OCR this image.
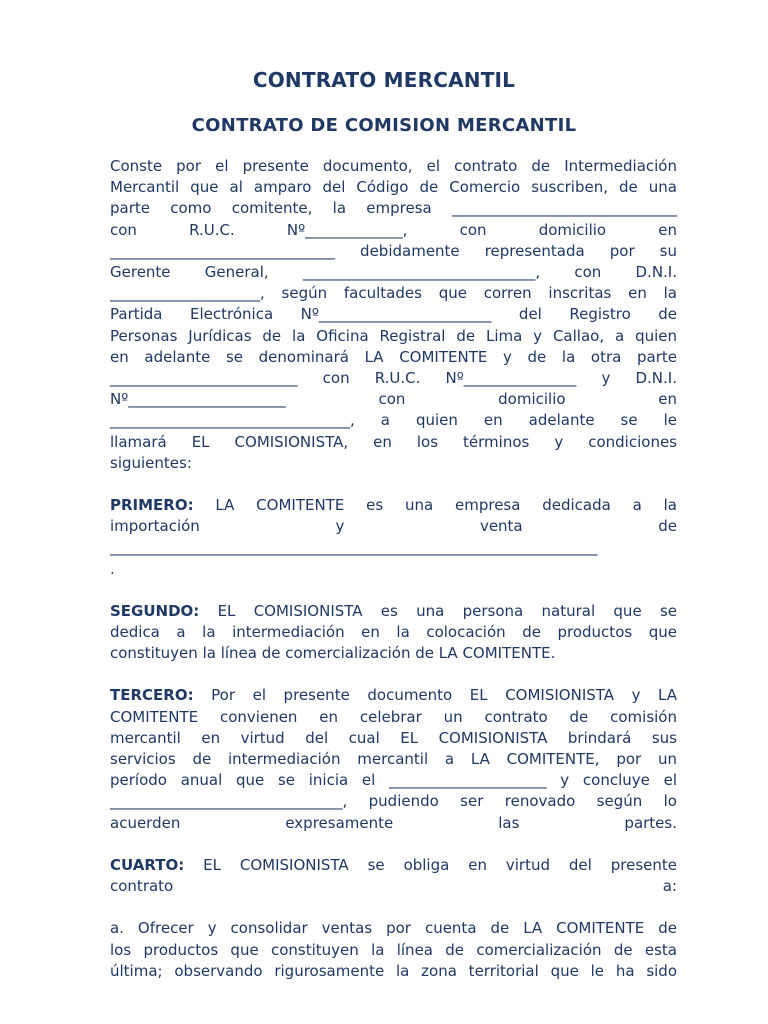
CONTRATO MERCANTIL
CONTRATO DE COMISION MERCANTIL
Conste por el presente documento, el contrato de Intermediación
Mercantil que al amparo del Código de Comercio suscriben, de una
parte como comitente, la empresa ______________________________
con R.U.C. Nº_____________, con domicilio en
______________________________ debidamente representada por su
Gerente General, _______________________________, con D.N.I.
____________________, según facultades que corren inscritas en la
Partida Electrónica Nº_______________________ del Registro de
Personas Jurídicas de la Oficina Registral de Lima y Callao, a quien
en adelante se denominará LA COMITENTE y de la otra parte
_________________________ con R.U.C. Nº_______________ y D.N.I.
Nº_____________________ con domicilio en
________________________________, a quien en adelante se le
llamará EL COMISIONISTA, en los términos y condiciones
siguientes:
PRIMERO: LA COMITENTE es una empresa dedicada a la
importación y venta de
_________________________________________________________________
.
SEGUNDO: EL COMISIONISTA es una persona natural que se
dedica a la intermediación en la colocación de productos que
constituyen la línea de comercialización de LA COMITENTE.
TERCERO: Por el presente documento EL COMISIONISTA y LA
COMITENTE convienen en celebrar un contrato de comisión
mercantil en virtud del cual EL COMISIONISTA brindará sus
servicios de intermediación mercantil a LA COMITENTE, por un
período anual que se inicia el _____________________ y concluye el
_______________________________, pudiendo ser renovado según lo
acuerden expresamente las partes.
CUARTO: EL COMISIONISTA se obliga en virtud del presente
contrato a:
a. Ofrecer y consolidar ventas por cuenta de LA COMITENTE de
los productos que constituyen la línea de comercialización de esta
última; observando rigurosamente la zona territorial que le ha sido
